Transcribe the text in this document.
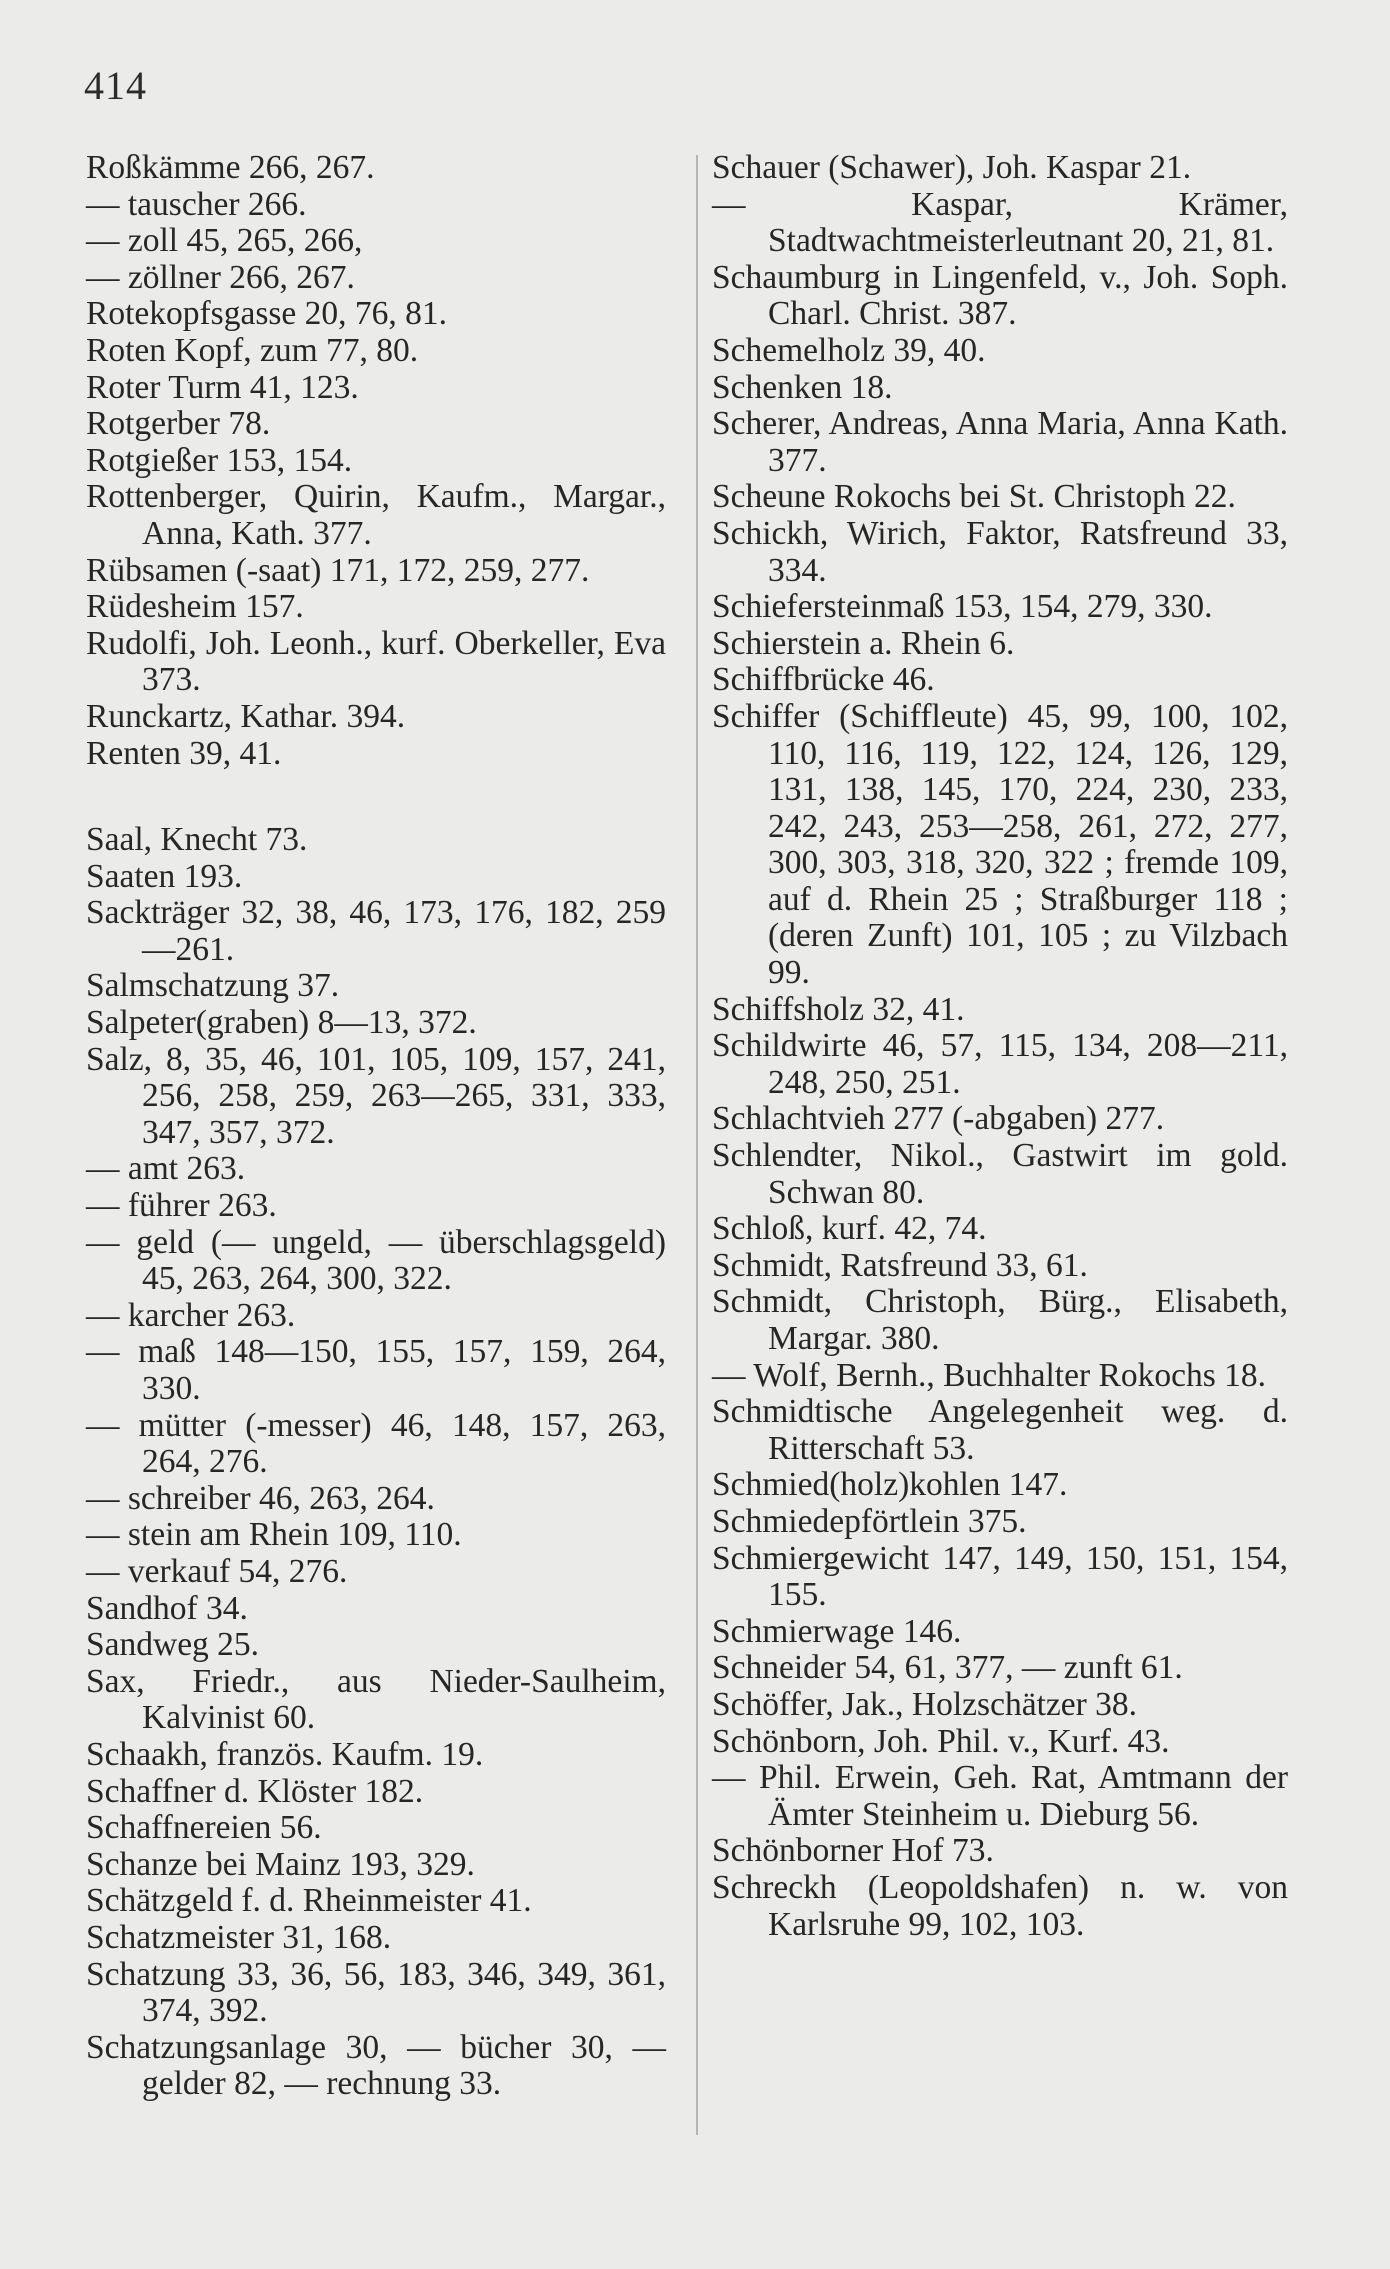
414
Roßkämme 266, 267.
— tauscher 266.
— zoll 45, 265, 266,
— zöllner 266, 267.
Rotekopfsgasse 20, 76, 81.
Roten Kopf, zum 77, 80.
Roter Turm 41, 123.
Rotgerber 78.
Rotgießer 153, 154.
Rottenberger, Quirin, Kaufm., Margar., Anna, Kath. 377.
Rübsamen (-saat) 171, 172, 259, 277.
Rüdesheim 157.
Rudolfi, Joh. Leonh., kurf. Oberkeller, Eva 373.
Runckartz, Kathar. 394.
Renten 39, 41.
Saal, Knecht 73.
Saaten 193.
Sackträger 32, 38, 46, 173, 176, 182, 259—261.
Salmschatzung 37.
Salpeter(graben) 8—13, 372.
Salz, 8, 35, 46, 101, 105, 109, 157, 241, 256, 258, 259, 263—265, 331, 333, 347, 357, 372.
— amt 263.
— führer 263.
— geld (— ungeld, — überschlagsgeld) 45, 263, 264, 300, 322.
— karcher 263.
— maß 148—150, 155, 157, 159, 264, 330.
— mütter (-messer) 46, 148, 157, 263, 264, 276.
— schreiber 46, 263, 264.
— stein am Rhein 109, 110.
— verkauf 54, 276.
Sandhof 34.
Sandweg 25.
Sax, Friedr., aus Nieder-Saulheim, Kalvinist 60.
Schaakh, französ. Kaufm. 19.
Schaffner d. Klöster 182.
Schaffnereien 56.
Schanze bei Mainz 193, 329.
Schätzgeld f. d. Rheinmeister 41.
Schatzmeister 31, 168.
Schatzung 33, 36, 56, 183, 346, 349, 361, 374, 392.
Schatzungsanlage 30, — bücher 30, — gelder 82, — rechnung 33.
Schauer (Schawer), Joh. Kaspar 21.
— Kaspar, Krämer, Stadtwachtmeisterleutnant 20, 21, 81.
Schaumburg in Lingenfeld, v., Joh. Soph. Charl. Christ. 387.
Schemelholz 39, 40.
Schenken 18.
Scherer, Andreas, Anna Maria, Anna Kath. 377.
Scheune Rokochs bei St. Christoph 22.
Schickh, Wirich, Faktor, Ratsfreund 33, 334.
Schiefersteinmaß 153, 154, 279, 330.
Schierstein a. Rhein 6.
Schiffbrücke 46.
Schiffer (Schiffleute) 45, 99, 100, 102, 110, 116, 119, 122, 124, 126, 129, 131, 138, 145, 170, 224, 230, 233, 242, 243, 253—258, 261, 272, 277, 300, 303, 318, 320, 322 ; fremde 109, auf d. Rhein 25 ; Straßburger 118 ; (deren Zunft) 101, 105 ; zu Vilzbach 99.
Schiffsholz 32, 41.
Schildwirte 46, 57, 115, 134, 208—211, 248, 250, 251.
Schlachtvieh 277 (-abgaben) 277.
Schlendter, Nikol., Gastwirt im gold. Schwan 80.
Schloß, kurf. 42, 74.
Schmidt, Ratsfreund 33, 61.
Schmidt, Christoph, Bürg., Elisabeth, Margar. 380.
— Wolf, Bernh., Buchhalter Rokochs 18.
Schmidtische Angelegenheit weg. d. Ritterschaft 53.
Schmied(holz)kohlen 147.
Schmiedepförtlein 375.
Schmiergewicht 147, 149, 150, 151, 154, 155.
Schmierwage 146.
Schneider 54, 61, 377, — zunft 61.
Schöffer, Jak., Holzschätzer 38.
Schönborn, Joh. Phil. v., Kurf. 43.
— Phil. Erwein, Geh. Rat, Amtmann der Ämter Steinheim u. Dieburg 56.
Schönborner Hof 73.
Schreckh (Leopoldshafen) n. w. von Karlsruhe 99, 102, 103.
